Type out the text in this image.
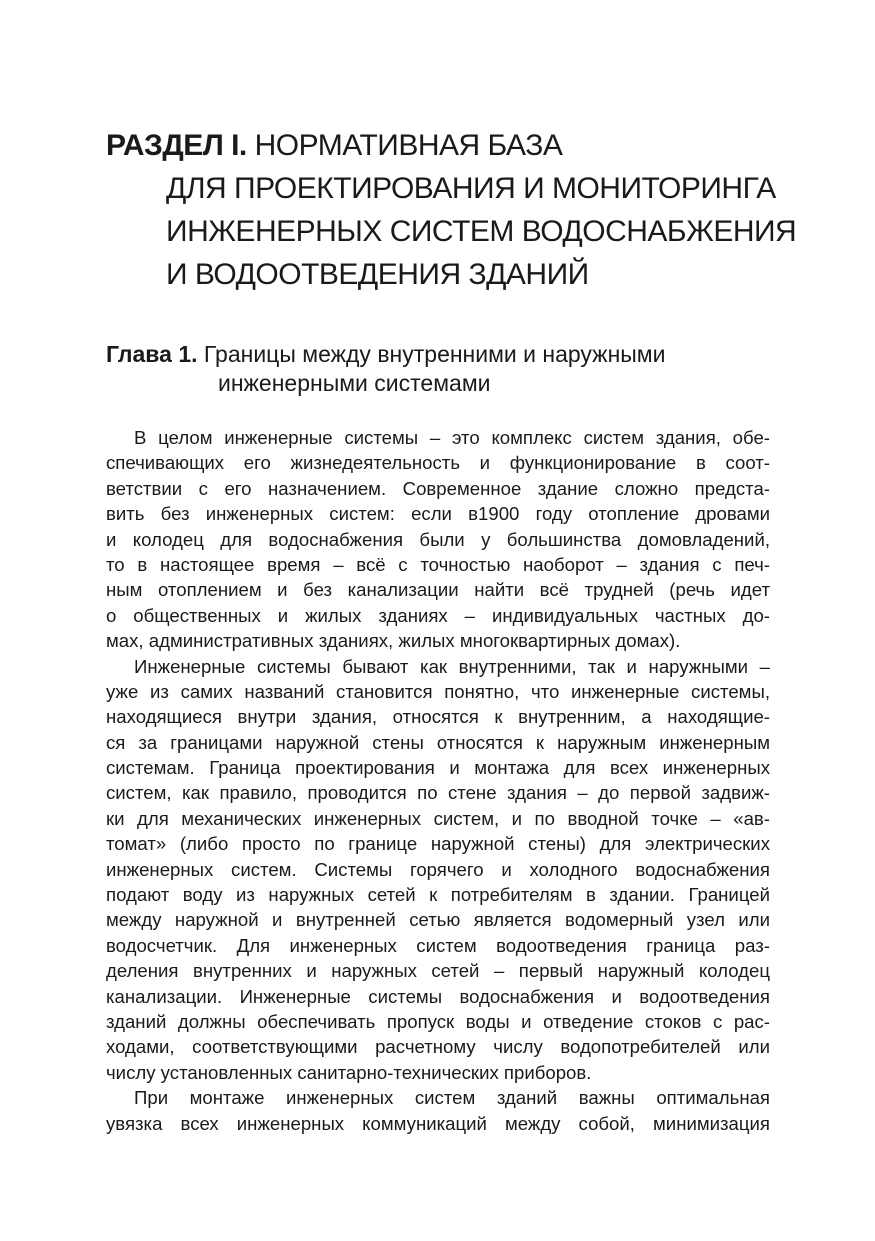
РАЗДЕЛ I. НОРМАТИВНАЯ БАЗА
ДЛЯ ПРОЕКТИРОВАНИЯ И МОНИТОРИНГА
ИНЖЕНЕРНЫХ СИСТЕМ ВОДОСНАБЖЕНИЯ
И ВОДООТВЕДЕНИЯ ЗДАНИЙ
Глава 1. Границы между внутренними и наружными
инженерными системами
В целом инженерные системы – это комплекс систем здания, обе-
спечивающих его жизнедеятельность и функционирование в соот-
ветствии с его назначением. Современное здание сложно предста-
вить без инженерных систем: если в1900 году отопление дровами
и колодец для водоснабжения были у большинства домовладений,
то в настоящее время – всё с точностью наоборот – здания с печ-
ным отоплением и без канализации найти всё трудней (речь идет
о общественных и жилых зданиях – индивидуальных частных до-
мах, административных зданиях, жилых многоквартирных домах).
Инженерные системы бывают как внутренними, так и наружными –
уже из самих названий становится понятно, что инженерные системы,
находящиеся внутри здания, относятся к внутренним, а находящие-
ся за границами наружной стены относятся к наружным инженерным
системам. Граница проектирования и монтажа для всех инженерных
систем, как правило, проводится по стене здания – до первой задвиж-
ки для механических инженерных систем, и по вводной точке – «ав-
томат» (либо просто по границе наружной стены) для электрических
инженерных систем. Системы горячего и холодного водоснабжения
подают воду из наружных сетей к потребителям в здании. Границей
между наружной и внутренней сетью является водомерный узел или
водосчетчик. Для инженерных систем водоотведения граница раз-
деления внутренних и наружных сетей – первый наружный колодец
канализации. Инженерные системы водоснабжения и водоотведения
зданий должны обеспечивать пропуск воды и отведение стоков с рас-
ходами, соответствующими расчетному числу водопотребителей или
числу установленных санитарно-технических приборов.
При монтаже инженерных систем зданий важны оптимальная
увязка всех инженерных коммуникаций между собой, минимизация
